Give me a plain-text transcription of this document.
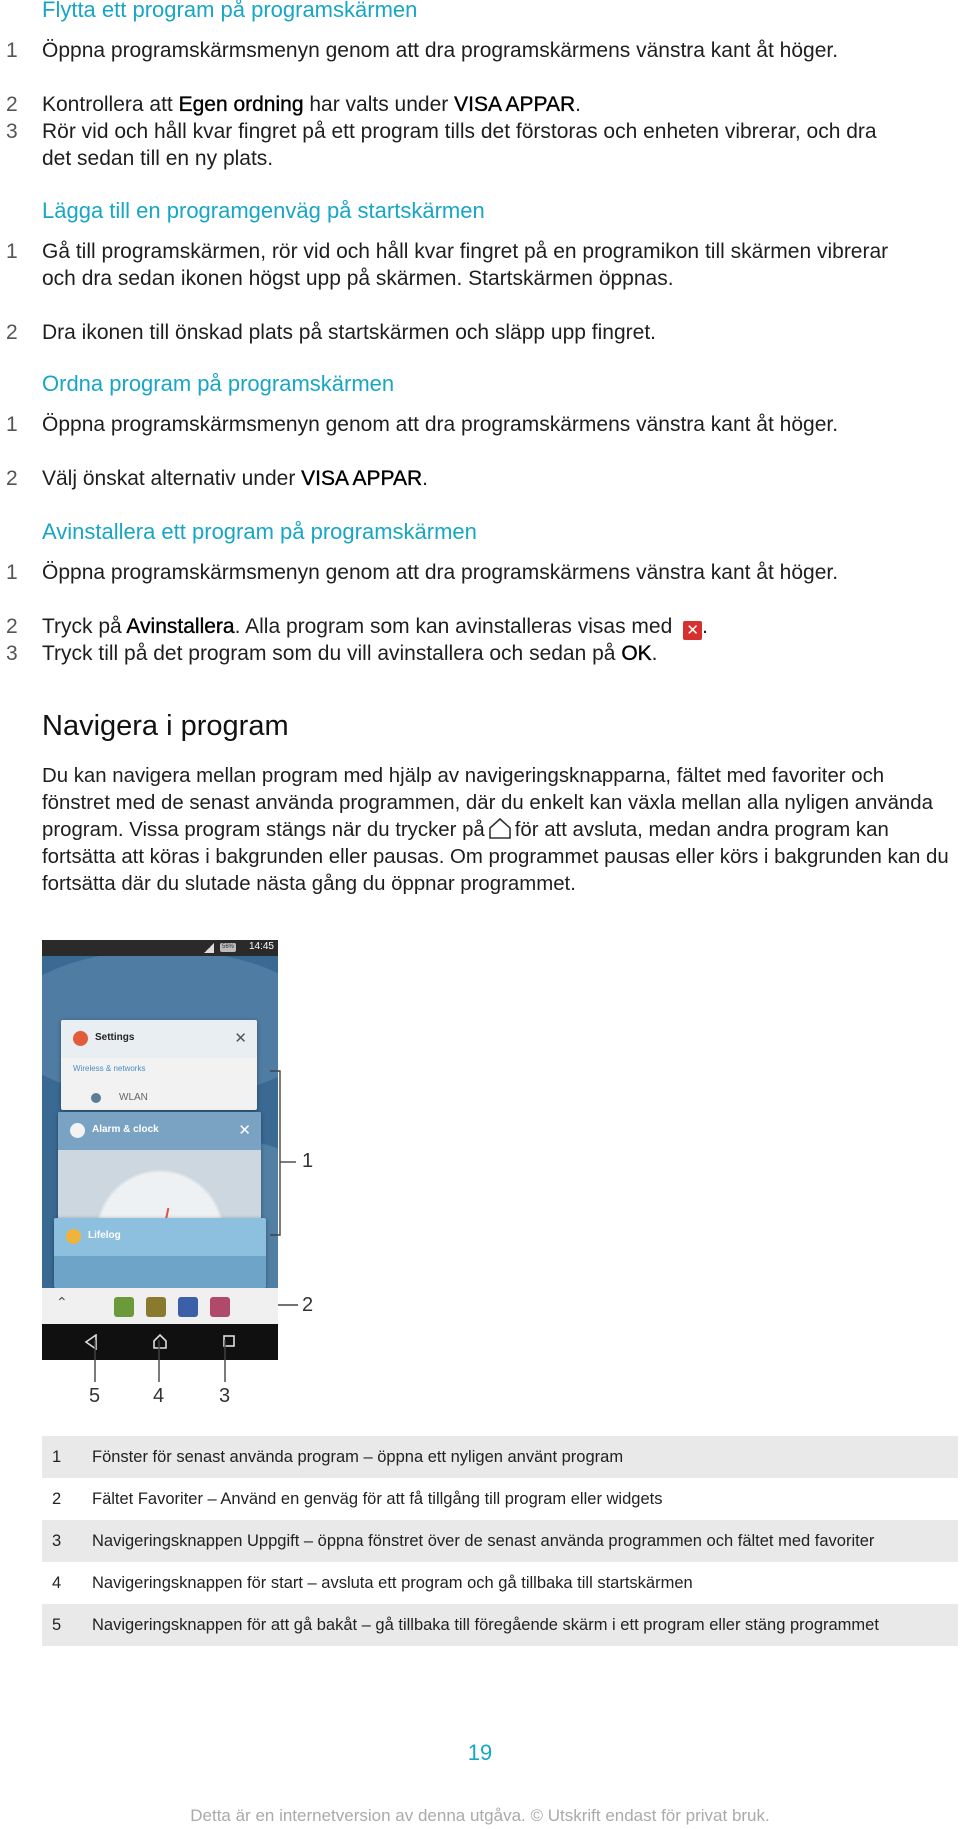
Flytta ett program på programskärmen
1	Öppna programskärmsmenyn genom att dra programskärmens vänstra kant åt höger.
2	Kontrollera att Egen ordning har valts under VISA APPAR.
3	Rör vid och håll kvar fingret på ett program tills det förstoras och enheten vibrerar, och dra det sedan till en ny plats.
Lägga till en programgenväg på startskärmen
1	Gå till programskärmen, rör vid och håll kvar fingret på en programikon till skärmen vibrerar och dra sedan ikonen högst upp på skärmen. Startskärmen öppnas.
2	Dra ikonen till önskad plats på startskärmen och släpp upp fingret.
Ordna program på programskärmen
1	Öppna programskärmsmenyn genom att dra programskärmens vänstra kant åt höger.
2	Välj önskat alternativ under VISA APPAR.
Avinstallera ett program på programskärmen
1	Öppna programskärmsmenyn genom att dra programskärmens vänstra kant åt höger.
2	Tryck på Avinstallera. Alla program som kan avinstalleras visas med ✕ .
3	Tryck till på det program som du vill avinstallera och sedan på OK.
Navigera i program

Du kan navigera mellan program med hjälp av navigeringsknapparna, fältet med favoriter och fönstret med de senast använda programmen, där du enkelt kan växla mellan alla nyligen använda program. Vissa program stängs när du trycker på för att avsluta, medan andra program kan fortsätta att köras i bakgrunden eller pausas. Om programmet pausas eller körs i bakgrunden kan du fortsätta där du slutade nästa gång du öppnar programmet.

56% 14:45
Settings	✕
Wireless & networks
WLAN
Alarm & clock	✕
Lifelog
⌃
1
2
5	4	3
1 Fönster för senast använda program – öppna ett nyligen använt program
2 Fältet Favoriter – Använd en genväg för att få tillgång till program eller widgets
3 Navigeringsknappen Uppgift – öppna fönstret över de senast använda programmen och fältet med favoriter
4 Navigeringsknappen för start – avsluta ett program och gå tillbaka till startskärmen
5 Navigeringsknappen för att gå bakåt – gå tillbaka till föregående skärm i ett program eller stäng programmet
19
Detta är en internetversion av denna utgåva. © Utskrift endast för privat bruk.
